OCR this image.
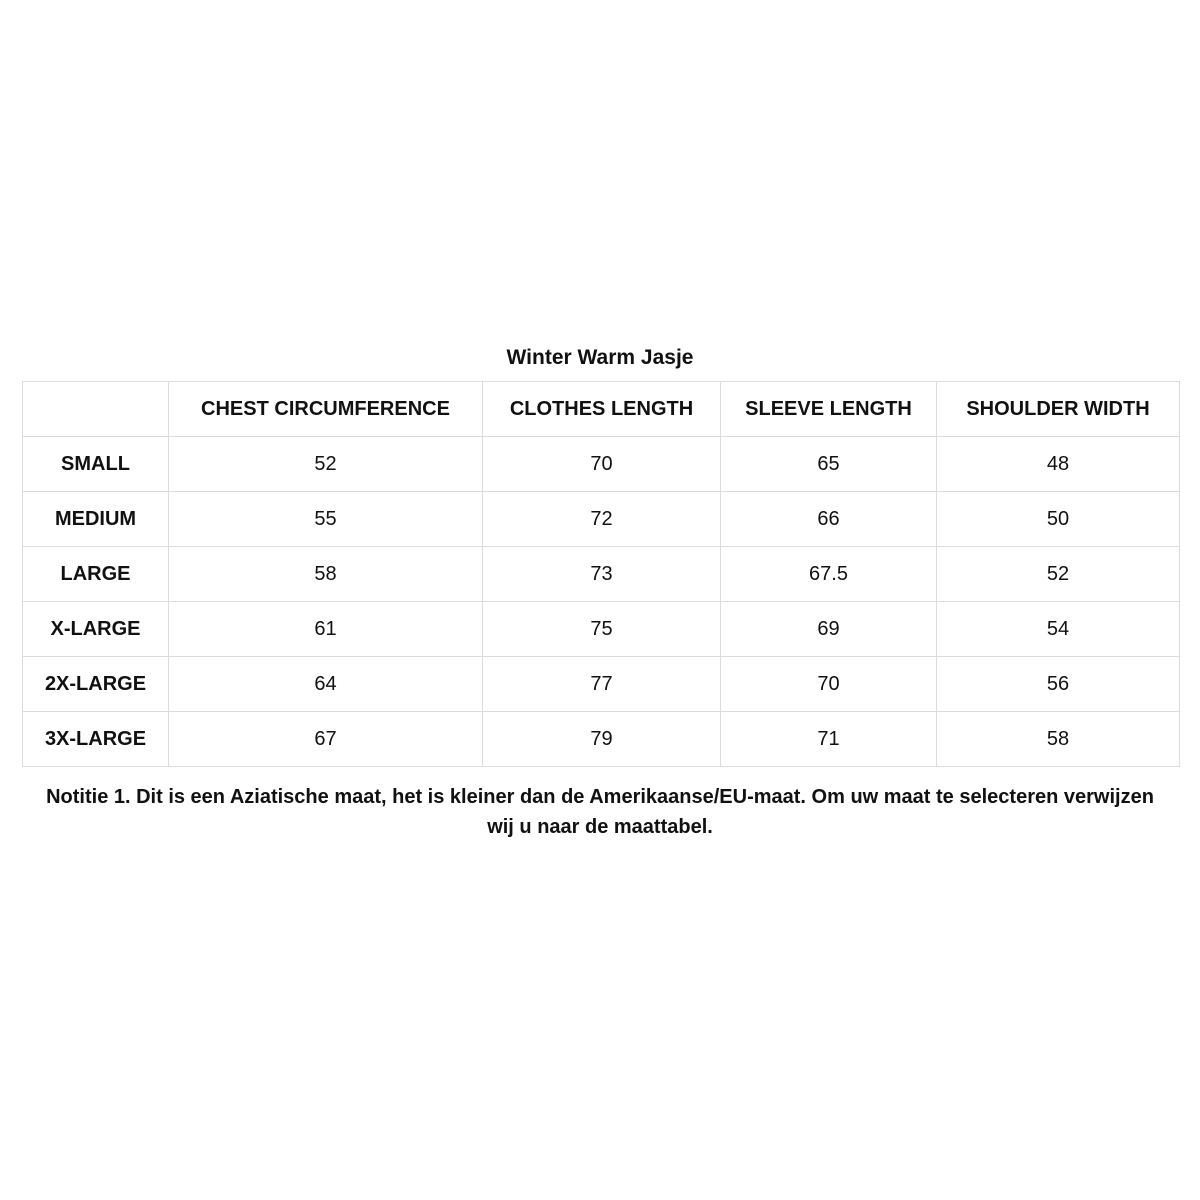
Winter Warm Jasje
	CHEST CIRCUMFERENCE	CLOTHES LENGTH	SLEEVE LENGTH	SHOULDER WIDTH
SMALL	52	70	65	48
MEDIUM	55	72	66	50
LARGE	58	73	67.5	52
X-LARGE	61	75	69	54
2X-LARGE	64	77	70	56
3X-LARGE	67	79	71	58
Notitie 1. Dit is een Aziatische maat, het is kleiner dan de Amerikaanse/EU-maat. Om uw maat te selecteren verwijzen wij u naar de maattabel.
